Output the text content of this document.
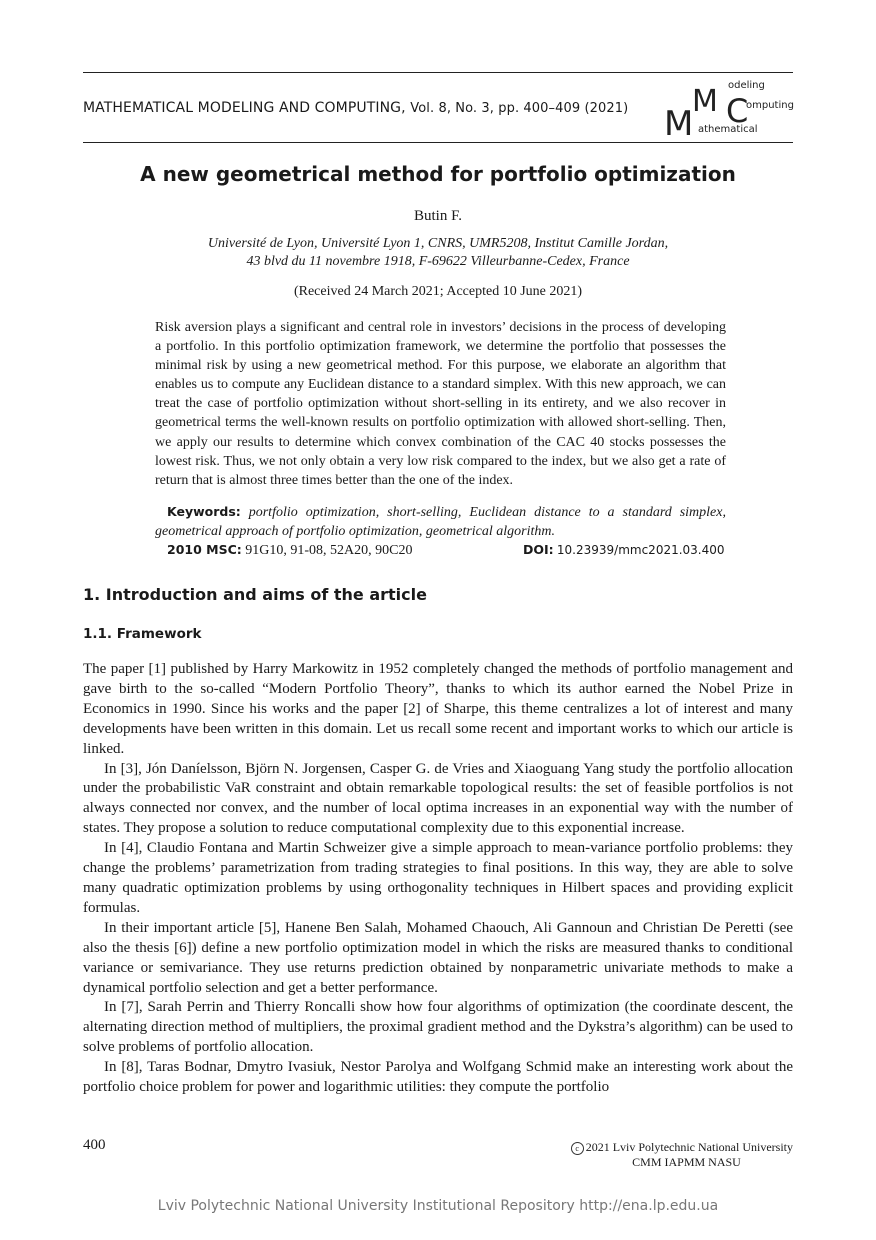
MATHEMATICAL MODELING AND COMPUTING, Vol. 8, No. 3, pp. 400–409 (2021) M
M C
odeling
omputing
athematical
A new geometrical method for portfolio optimization
Butin F.
Université de Lyon, Université Lyon 1, CNRS, UMR5208, Institut Camille Jordan,
43 blvd du 11 novembre 1918, F-69622 Villeurbanne-Cedex, France
(Received 24 March 2021; Accepted 10 June 2021)

Risk aversion plays a significant and central role in investors’ decisions in the process of developing a portfolio. In this portfolio optimization framework, we determine the portfolio that possesses the minimal risk by using a new geometrical method. For this purpose, we elaborate an algorithm that enables us to compute any Euclidean distance to a standard simplex. With this new approach, we can treat the case of portfolio optimization without short-selling in its entirety, and we also recover in geometrical terms the well-known results on portfolio optimization with allowed short-selling. Then, we apply our results to determine which convex combination of the CAC 40 stocks possesses the lowest risk. Thus, we not only obtain a very low risk compared to the index, but we also get a rate of return that is almost three times better than the one of the index.

Keywords: portfolio optimization, short-selling, Euclidean distance to a standard simplex, geometrical approach of portfolio optimization, geometrical algorithm.

2010 MSC: 91G10, 91-08, 52A20, 90C20	DOI: 10.23939/mmc2021.03.400
1. Introduction and aims of the article
1.1. Framework

The paper [1] published by Harry Markowitz in 1952 completely changed the methods of portfolio management and gave birth to the so-called “Modern Portfolio Theory”, thanks to which its author earned the Nobel Prize in Economics in 1990. Since his works and the paper [2] of Sharpe, this theme centralizes a lot of interest and many developments have been written in this domain. Let us recall some recent and important works to which our article is linked.

In [3], Jón Daníelsson, Björn N. Jorgensen, Casper G. de Vries and Xiaoguang Yang study the portfolio allocation under the probabilistic VaR constraint and obtain remarkable topological results: the set of feasible portfolios is not always connected nor convex, and the number of local optima increases in an exponential way with the number of states. They propose a solution to reduce computational complexity due to this exponential increase.

In [4], Claudio Fontana and Martin Schweizer give a simple approach to mean-variance portfolio problems: they change the problems’ parametrization from trading strategies to final positions. In this way, they are able to solve many quadratic optimization problems by using orthogonality techniques in Hilbert spaces and providing explicit formulas.

In their important article [5], Hanene Ben Salah, Mohamed Chaouch, Ali Gannoun and Christian De Peretti (see also the thesis [6]) define a new portfolio optimization model in which the risks are measured thanks to conditional variance or semivariance. They use returns prediction obtained by nonparametric univariate methods to make a dynamical portfolio selection and get a better performance.

In [7], Sarah Perrin and Thierry Roncalli show how four algorithms of optimization (the coordinate descent, the alternating direction method of multipliers, the proximal gradient method and the Dykstra’s algorithm) can be used to solve problems of portfolio allocation.

In [8], Taras Bodnar, Dmytro Ivasiuk, Nestor Parolya and Wolfgang Schmid make an interesting work about the portfolio choice problem for power and logarithmic utilities: they compute the portfolio

400	c 2021 Lviv Polytechnic National University
CMM IAPMM NASU
Lviv Polytechnic National University Institutional Repository http://ena.lp.edu.ua
